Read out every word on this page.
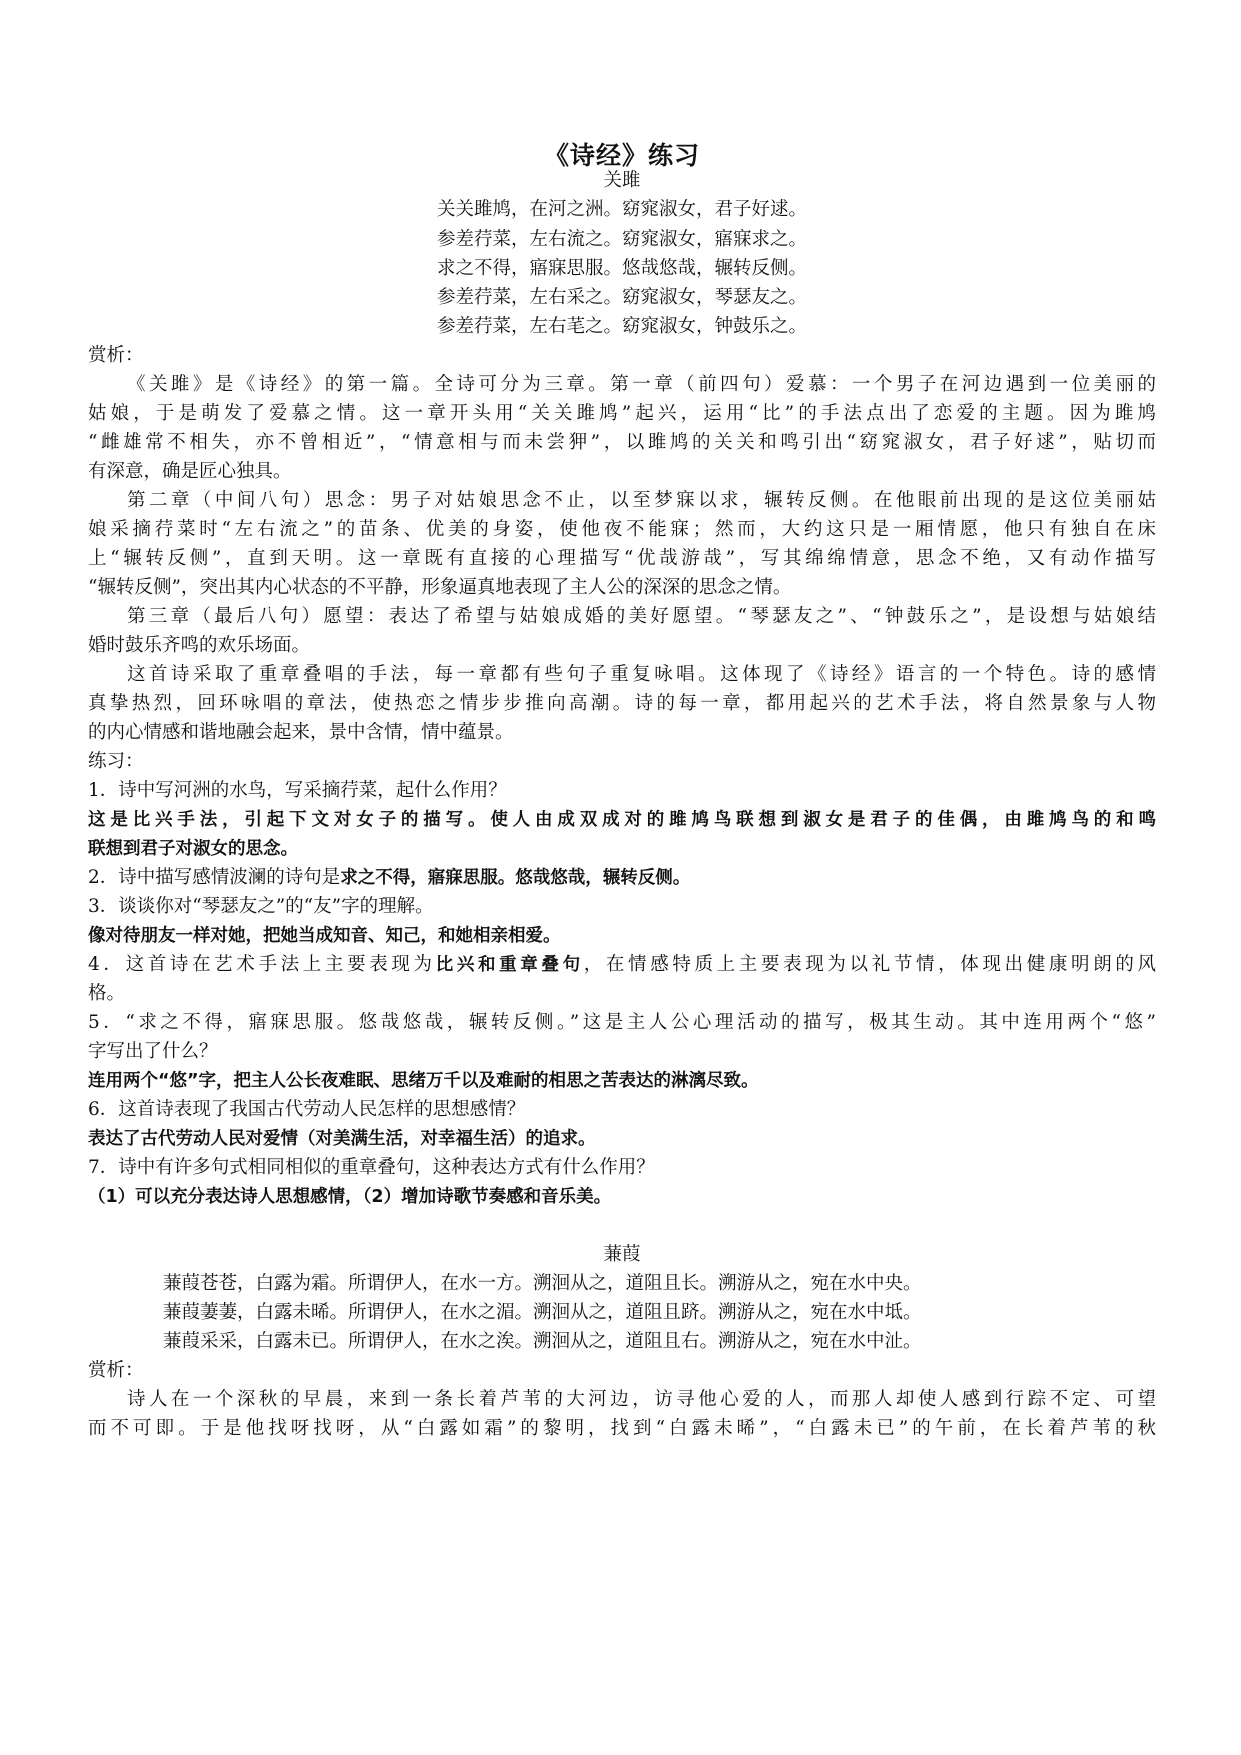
《诗经》练习
关雎
关关雎鸠，在河之洲。窈窕淑女，君子好逑。
参差荇菜，左右流之。窈窕淑女，寤寐求之。
求之不得，寤寐思服。悠哉悠哉，辗转反侧。
参差荇菜，左右采之。窈窕淑女，琴瑟友之。
参差荇菜，左右芼之。窈窕淑女，钟鼓乐之。
赏析：
《关雎》是《诗经》的第一篇。全诗可分为三章。第一章（前四句）爱慕：一个男子在河边遇到一位美丽的
姑娘，于是萌发了爱慕之情。这一章开头用“关关雎鸠”起兴，运用“比”的手法点出了恋爱的主题。因为雎鸠
“雌雄常不相失，亦不曾相近”，“情意相与而未尝狎”，以雎鸠的关关和鸣引出“窈窕淑女，君子好逑”，贴切而
有深意，确是匠心独具。
第二章（中间八句）思念：男子对姑娘思念不止，以至梦寐以求，辗转反侧。在他眼前出现的是这位美丽姑
娘采摘荇菜时“左右流之”的苗条、优美的身姿，使他夜不能寐；然而，大约这只是一厢情愿，他只有独自在床
上“辗转反侧”，直到天明。这一章既有直接的心理描写“优哉游哉”，写其绵绵情意，思念不绝，又有动作描写
“辗转反侧”，突出其内心状态的不平静，形象逼真地表现了主人公的深深的思念之情。
第三章（最后八句）愿望：表达了希望与姑娘成婚的美好愿望。“琴瑟友之”、“钟鼓乐之”，是设想与姑娘结
婚时鼓乐齐鸣的欢乐场面。
这首诗采取了重章叠唱的手法，每一章都有些句子重复咏唱。这体现了《诗经》语言的一个特色。诗的感情
真挚热烈，回环咏唱的章法，使热恋之情步步推向高潮。诗的每一章，都用起兴的艺术手法，将自然景象与人物
的内心情感和谐地融会起来，景中含情，情中蕴景。
练习：
1．诗中写河洲的水鸟，写采摘荇菜，起什么作用？
这是比兴手法，引起下文对女子的描写。使人由成双成对的雎鸠鸟联想到淑女是君子的佳偶，由雎鸠鸟的和鸣
联想到君子对淑女的思念。
2．诗中描写感情波澜的诗句是求之不得，寤寐思服。悠哉悠哉，辗转反侧。
3．谈谈你对“琴瑟友之”的“友”字的理解。
像对待朋友一样对她，把她当成知音、知己，和她相亲相爱。
4．这首诗在艺术手法上主要表现为比兴和重章叠句，在情感特质上主要表现为以礼节情，体现出健康明朗的风
格。
5．“求之不得，寤寐思服。悠哉悠哉，辗转反侧。”这是主人公心理活动的描写，极其生动。其中连用两个“悠”
字写出了什么？
连用两个“悠”字，把主人公长夜难眠、思绪万千以及难耐的相思之苦表达的淋漓尽致。
6．这首诗表现了我国古代劳动人民怎样的思想感情？
表达了古代劳动人民对爱情（对美满生活，对幸福生活）的追求。
7．诗中有许多句式相同相似的重章叠句，这种表达方式有什么作用？
（1）可以充分表达诗人思想感情，（2）增加诗歌节奏感和音乐美。
蒹葭
蒹葭苍苍，白露为霜。所谓伊人，在水一方。溯洄从之，道阻且长。溯游从之，宛在水中央。
蒹葭萋萋，白露未晞。所谓伊人，在水之湄。溯洄从之，道阻且跻。溯游从之，宛在水中坻。
蒹葭采采，白露未已。所谓伊人，在水之涘。溯洄从之，道阻且右。溯游从之，宛在水中沚。
赏析：
诗人在一个深秋的早晨，来到一条长着芦苇的大河边，访寻他心爱的人，而那人却使人感到行踪不定、可望
而不可即。于是他找呀找呀，从“白露如霜”的黎明，找到“白露未晞”，“白露未已”的午前，在长着芦苇的秋
